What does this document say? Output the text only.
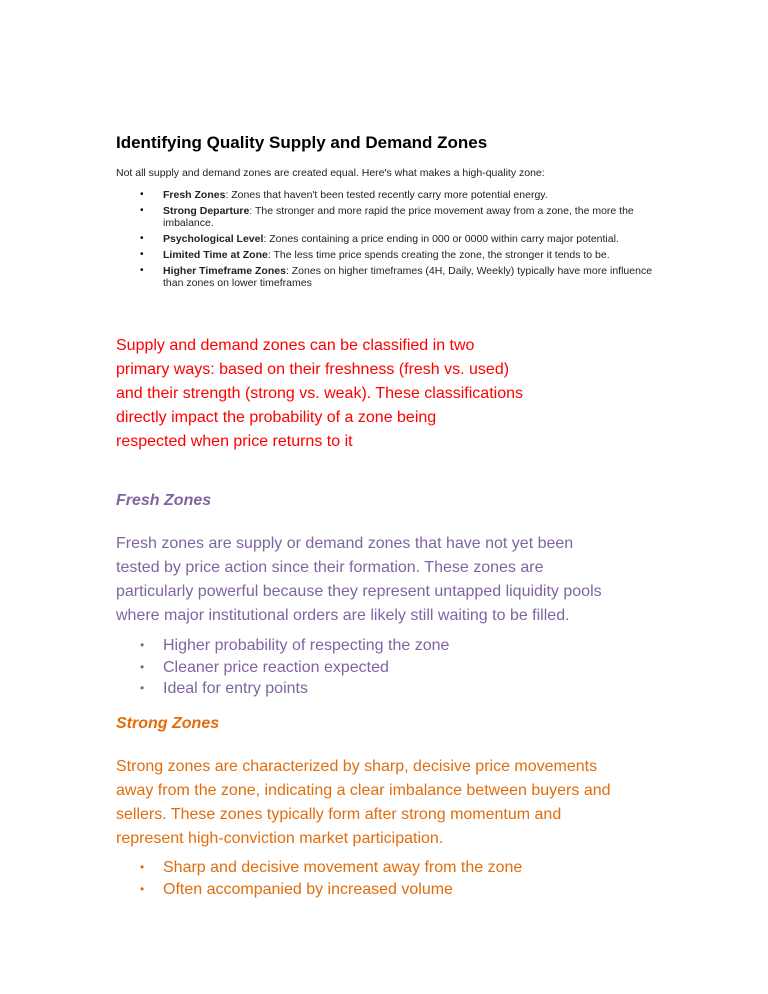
Identifying Quality Supply and Demand Zones
Not all supply and demand zones are created equal. Here's what makes a high-quality zone:
• Fresh Zones: Zones that haven't been tested recently carry more potential energy.
• Strong Departure: The stronger and more rapid the price movement away from a zone, the more the imbalance.
• Psychological Level: Zones containing a price ending in 000 or 0000 within carry major potential.
• Limited Time at Zone: The less time price spends creating the zone, the stronger it tends to be.
• Higher Timeframe Zones: Zones on higher timeframes (4H, Daily, Weekly) typically have more influence than zones on lower timeframes
Supply and demand zones can be classified in two
primary ways: based on their freshness (fresh vs. used)
and their strength (strong vs. weak). These classifications
directly impact the probability of a zone being
respected when price returns to it
Fresh Zones
Fresh zones are supply or demand zones that have not yet been
tested by price action since their formation. These zones are
particularly powerful because they represent untapped liquidity pools
where major institutional orders are likely still waiting to be filled.
• Higher probability of respecting the zone
• Cleaner price reaction expected
• Ideal for entry points
Strong Zones
Strong zones are characterized by sharp, decisive price movements
away from the zone, indicating a clear imbalance between buyers and
sellers. These zones typically form after strong momentum and
represent high-conviction market participation.
• Sharp and decisive movement away from the zone
• Often accompanied by increased volume
